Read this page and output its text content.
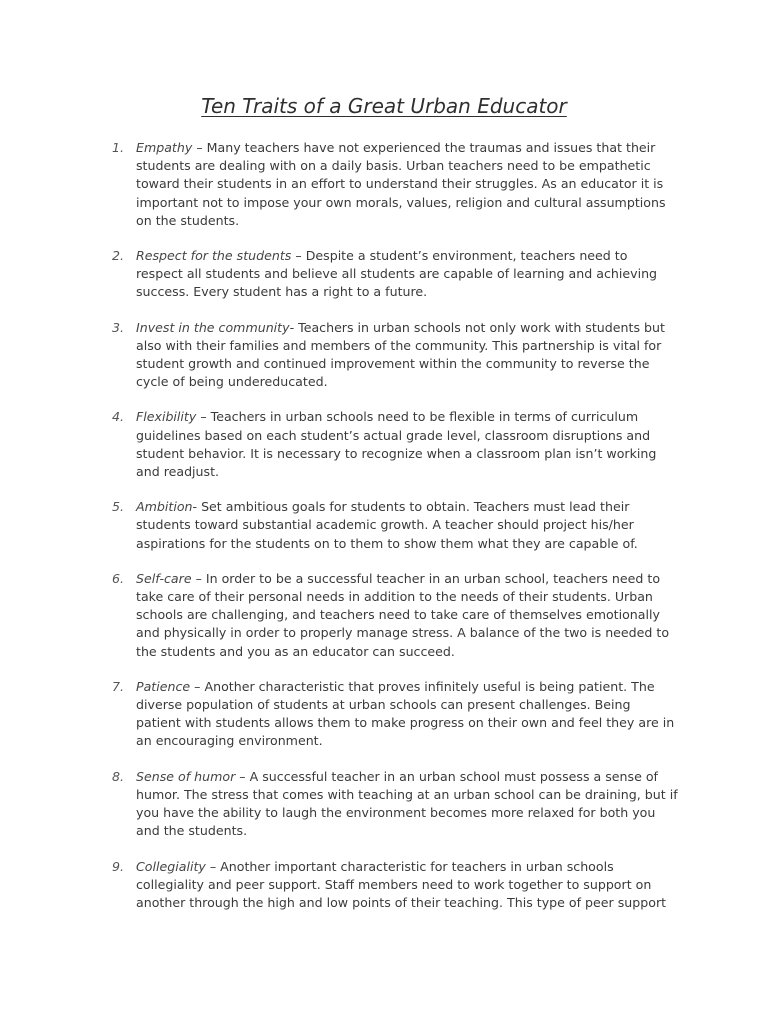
Ten Traits of a Great Urban Educator
1. Empathy – Many teachers have not experienced the traumas and issues that their students are dealing with on a daily basis. Urban teachers need to be empathetic toward their students in an effort to understand their struggles. As an educator it is important not to impose your own morals, values, religion and cultural assumptions on the students.
2. Respect for the students – Despite a student’s environment, teachers need to respect all students and believe all students are capable of learning and achieving success. Every student has a right to a future.
3. Invest in the community- Teachers in urban schools not only work with students but also with their families and members of the community. This partnership is vital for student growth and continued improvement within the community to reverse the cycle of being undereducated.
4. Flexibility – Teachers in urban schools need to be flexible in terms of curriculum guidelines based on each student’s actual grade level, classroom disruptions and student behavior. It is necessary to recognize when a classroom plan isn’t working and readjust.
5. Ambition- Set ambitious goals for students to obtain. Teachers must lead their students toward substantial academic growth. A teacher should project his/her aspirations for the students on to them to show them what they are capable of.
6. Self-care – In order to be a successful teacher in an urban school, teachers need to take care of their personal needs in addition to the needs of their students. Urban schools are challenging, and teachers need to take care of themselves emotionally and physically in order to properly manage stress. A balance of the two is needed to the students and you as an educator can succeed.
7. Patience – Another characteristic that proves infinitely useful is being patient. The diverse population of students at urban schools can present challenges. Being patient with students allows them to make progress on their own and feel they are in an encouraging environment.
8. Sense of humor – A successful teacher in an urban school must possess a sense of humor. The stress that comes with teaching at an urban school can be draining, but if you have the ability to laugh the environment becomes more relaxed for both you and the students.
9. Collegiality – Another important characteristic for teachers in urban schools collegiality and peer support. Staff members need to work together to support on another through the high and low points of their teaching. This type of peer support
